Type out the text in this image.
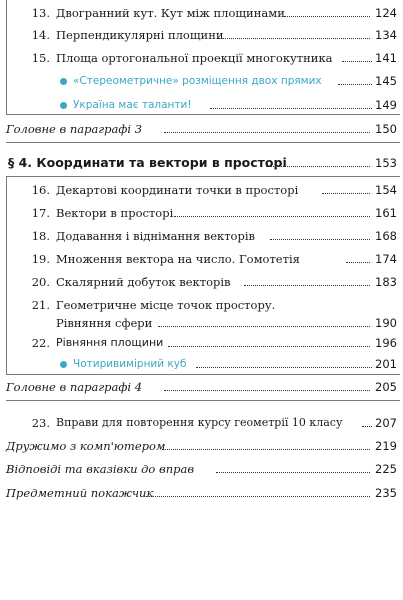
13. Двогранний кут. Кут між площинами	124
14. Перпендикулярні площини	134
15. Площа ортогональної проекції многокутника	141
«Стереометричне» розміщення двох прямих	145
Україна має таланти!	149
Головне в параграфі 3	150
§ 4. Координати та вектори в просторі	153
16. Декартові координати точки в просторі	154
17. Вектори в просторі	161
18. Додавання і віднімання векторів	168
19. Множення вектора на число. Гомотетія	174
20. Скалярний добуток векторів	183
21. Геометричне місце точок простору.
Рівняння сфери	190
22. Рівняння площини	196
Чотиривимірний куб	201
Головне в параграфі 4	205
23. Вправи для повторення курсу геометрії 10 класу	207
Дружимо з комп'ютером	219
Відповіді та вказівки до вправ	225
Предметний покажчик	235
